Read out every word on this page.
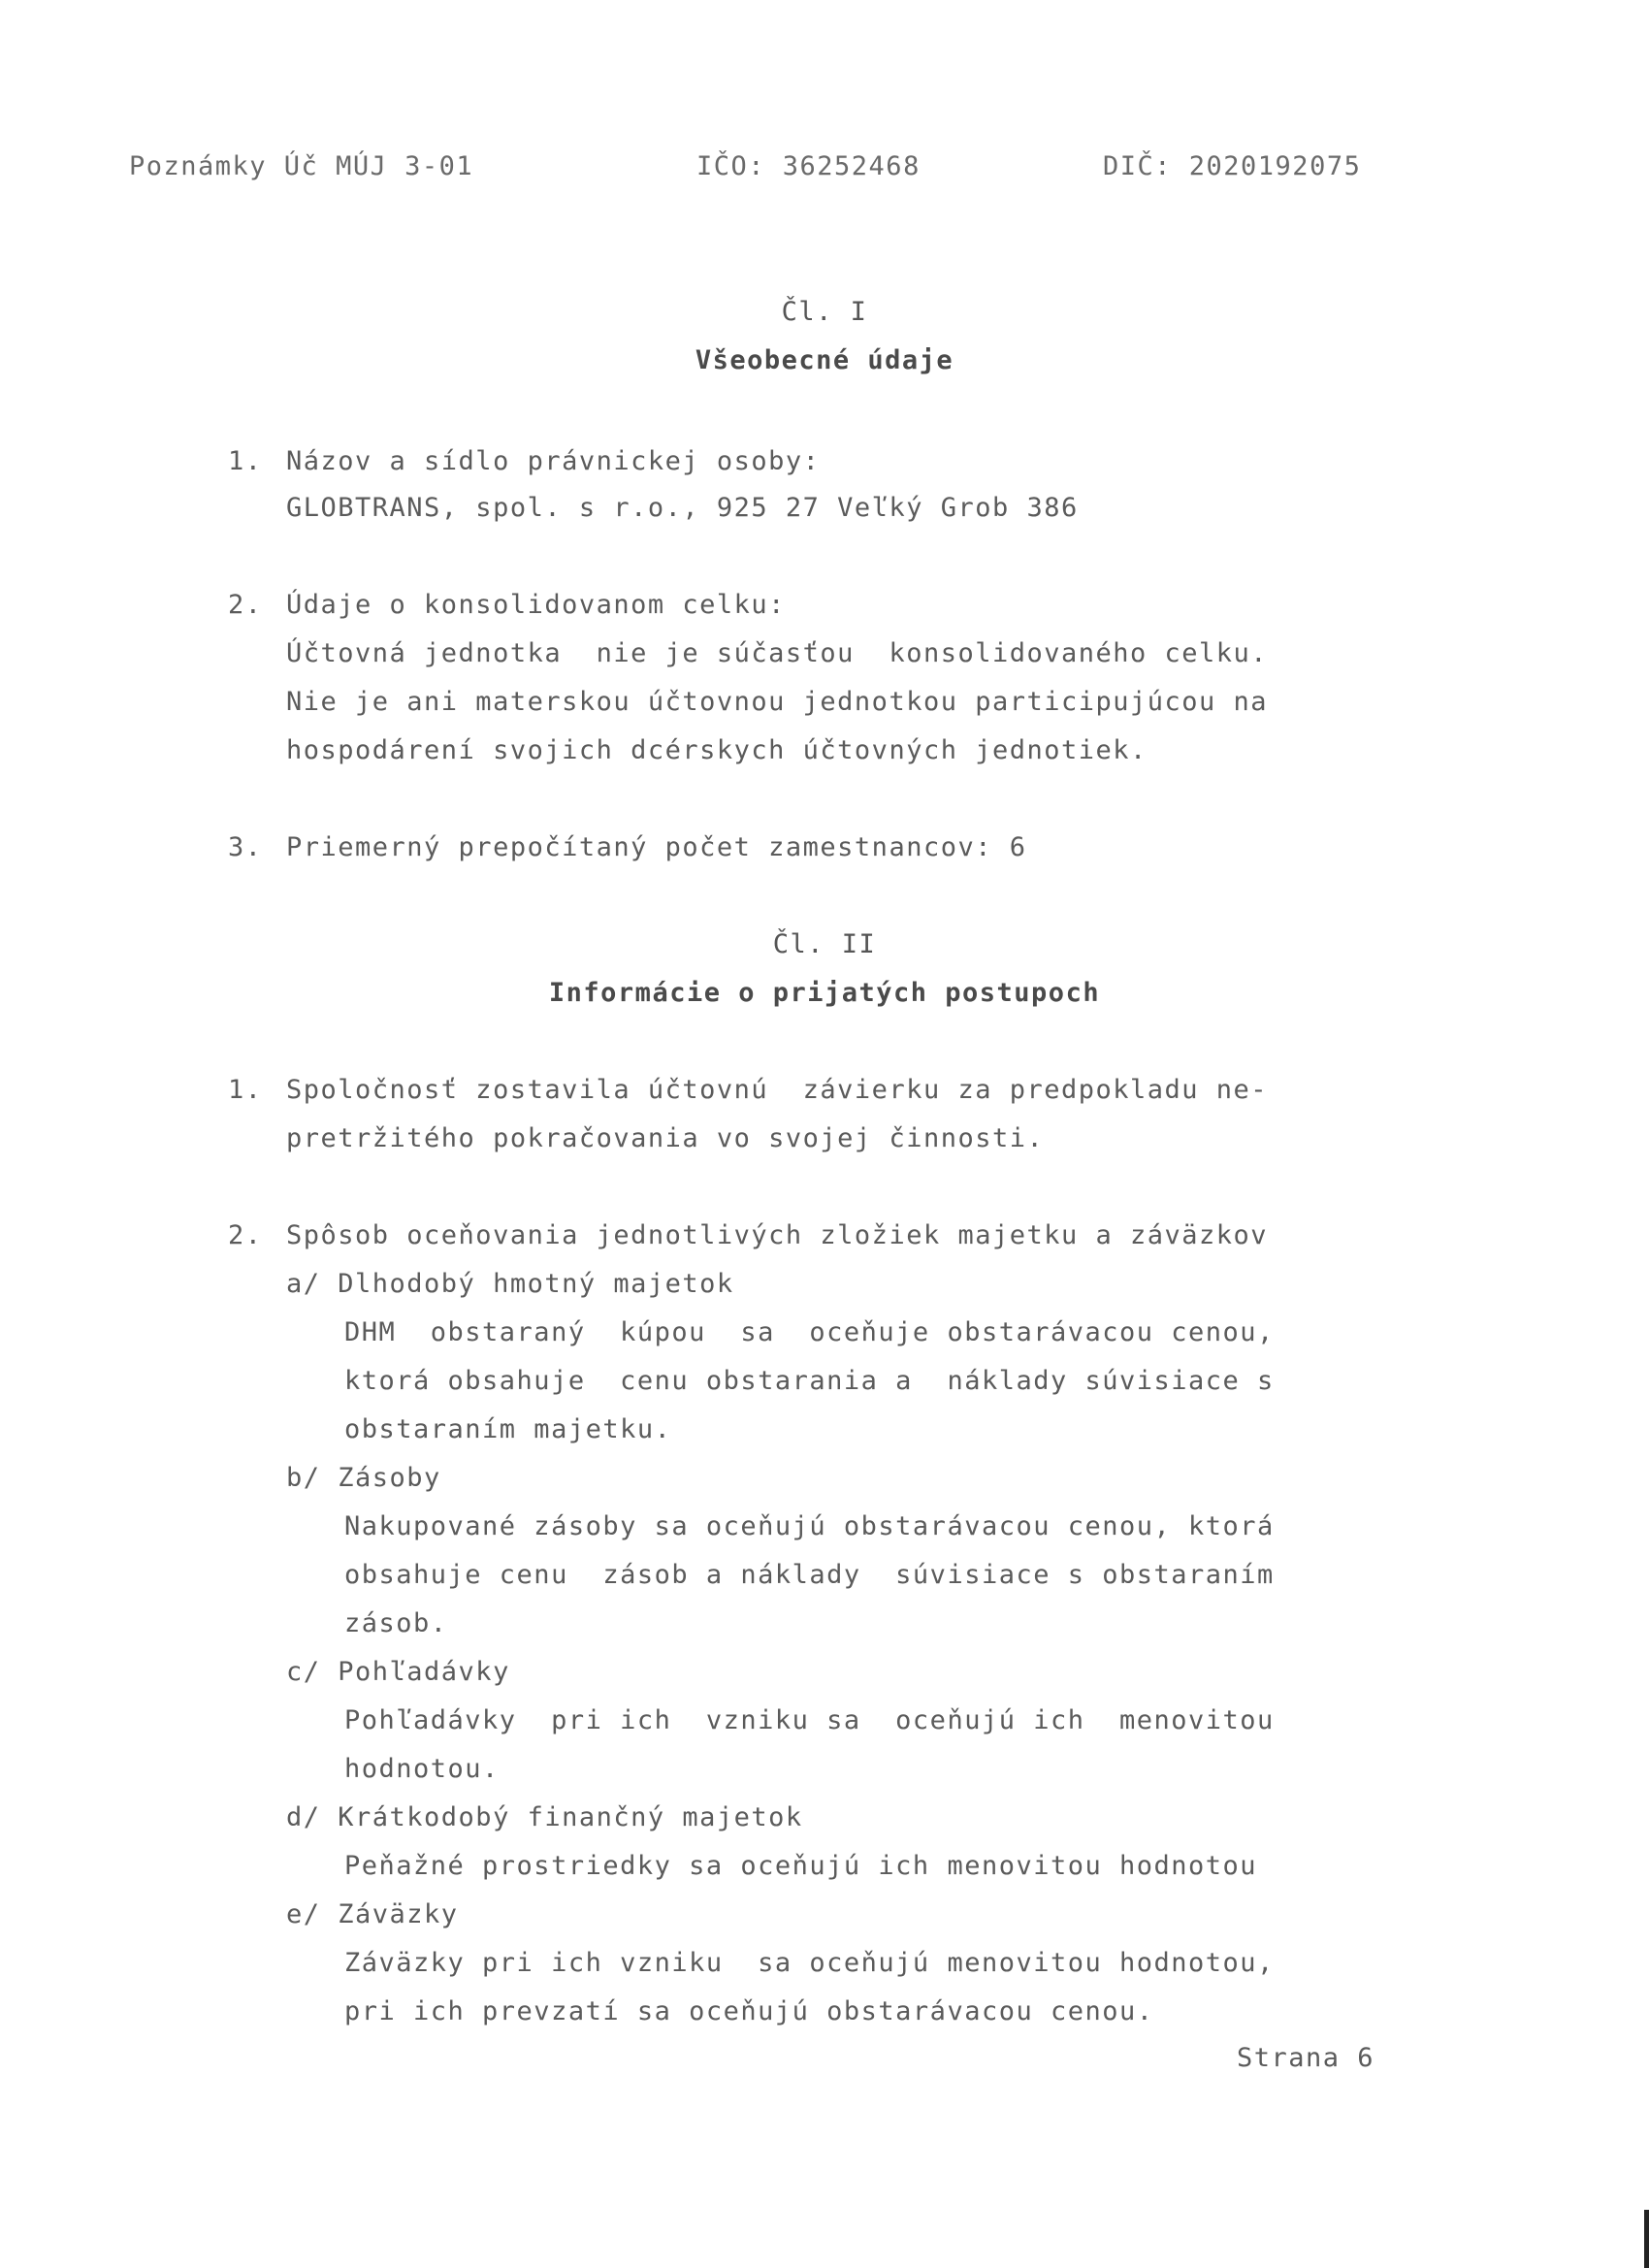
Poznámky Úč MÚJ 3-01	IČO: 36252468	DIČ: 2020192075
Čl. I
Všeobecné údaje
1. Názov a sídlo právnickej osoby:
GLOBTRANS, spol. s r.o., 925 27 Veľký Grob 386
2. Údaje o konsolidovanom celku:
Účtovná jednotka  nie je súčasťou  konsolidovaného celku.
Nie je ani materskou účtovnou jednotkou participujúcou na
hospodárení svojich dcérskych účtovných jednotiek.
3. Priemerný prepočítaný počet zamestnancov: 6
Čl. II
Informácie o prijatých postupoch
1. Spoločnosť zostavila účtovnú  závierku za predpokladu ne-
pretržitého pokračovania vo svojej činnosti.
2. Spôsob oceňovania jednotlivých zložiek majetku a záväzkov
a/ Dlhodobý hmotný majetok
DHM  obstaraný  kúpou  sa  oceňuje obstarávacou cenou,
ktorá obsahuje  cenu obstarania a  náklady súvisiace s
obstaraním majetku.
b/ Zásoby
Nakupované zásoby sa oceňujú obstarávacou cenou, ktorá
obsahuje cenu  zásob a náklady  súvisiace s obstaraním
zásob.
c/ Pohľadávky
Pohľadávky  pri ich  vzniku sa  oceňujú ich  menovitou
hodnotou.
d/ Krátkodobý finančný majetok
Peňažné prostriedky sa oceňujú ich menovitou hodnotou
e/ Záväzky
Záväzky pri ich vzniku  sa oceňujú menovitou hodnotou,
pri ich prevzatí sa oceňujú obstarávacou cenou.
Strana 6
